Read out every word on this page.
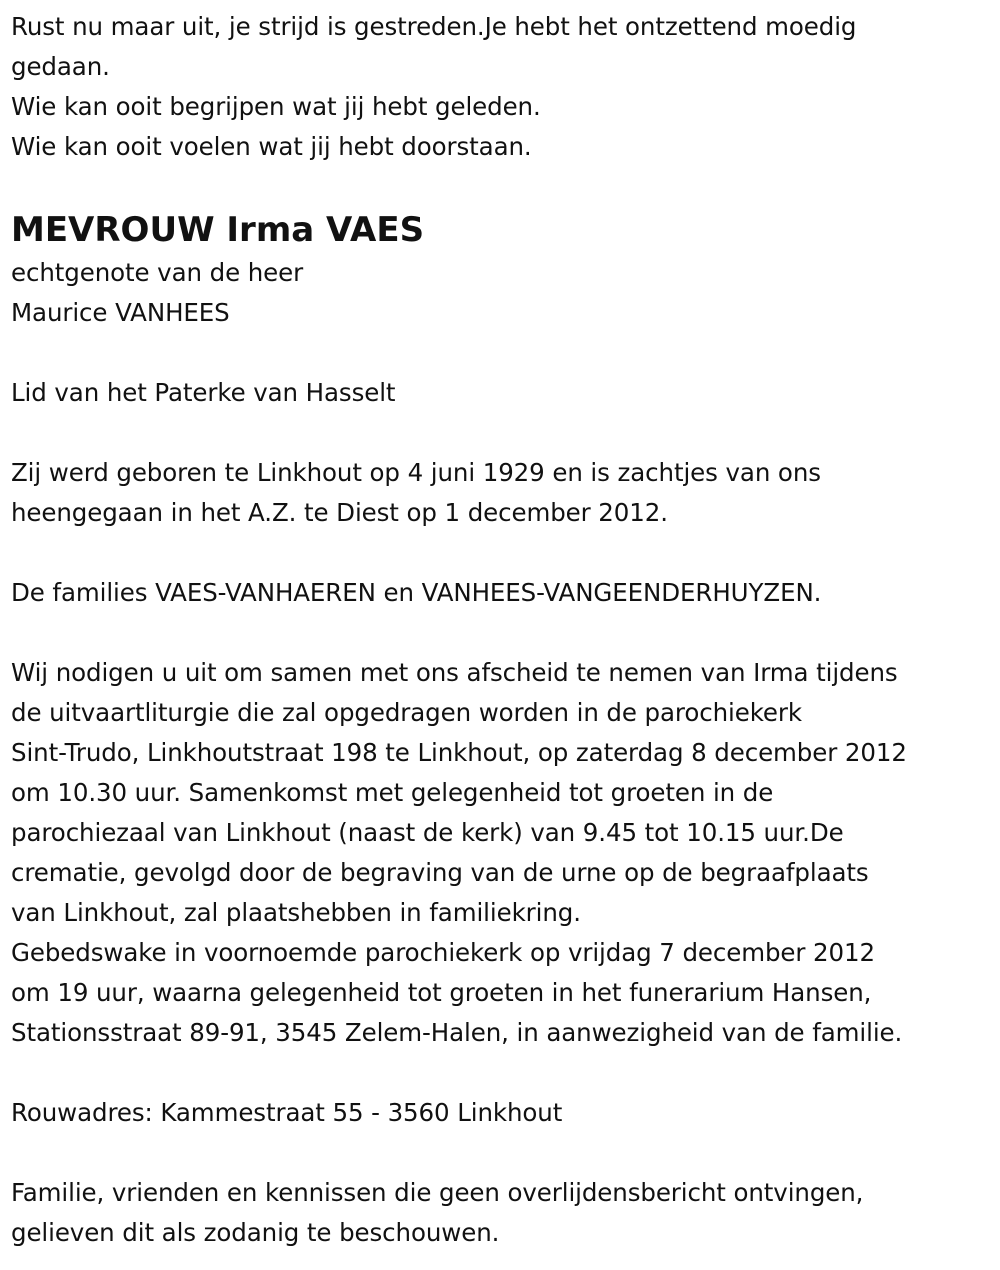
Rust nu maar uit, je strijd is gestreden.Je hebt het ontzettend moedig
gedaan.
Wie kan ooit begrijpen wat jij hebt geleden.
Wie kan ooit voelen wat jij hebt doorstaan.
MEVROUW Irma VAES
echtgenote van de heer
Maurice VANHEES
Lid van het Paterke van Hasselt
Zij werd geboren te Linkhout op 4 juni 1929 en is zachtjes van ons
heengegaan in het A.Z. te Diest op 1 december 2012.
De families VAES-VANHAEREN en VANHEES-VANGEENDERHUYZEN.
Wij nodigen u uit om samen met ons afscheid te nemen van Irma tijdens
de uitvaartliturgie die zal opgedragen worden in de parochiekerk
Sint-Trudo, Linkhoutstraat 198 te Linkhout, op zaterdag 8 december 2012
om 10.30 uur. Samenkomst met gelegenheid tot groeten in de
parochiezaal van Linkhout (naast de kerk) van 9.45 tot 10.15 uur.De
crematie, gevolgd door de begraving van de urne op de begraafplaats
van Linkhout, zal plaatshebben in familiekring.
Gebedswake in voornoemde parochiekerk op vrijdag 7 december 2012
om 19 uur, waarna gelegenheid tot groeten in het funerarium Hansen,
Stationsstraat 89-91, 3545 Zelem-Halen, in aanwezigheid van de familie.
Rouwadres: Kammestraat 55 - 3560 Linkhout
Familie, vrienden en kennissen die geen overlijdensbericht ontvingen,
gelieven dit als zodanig te beschouwen.
